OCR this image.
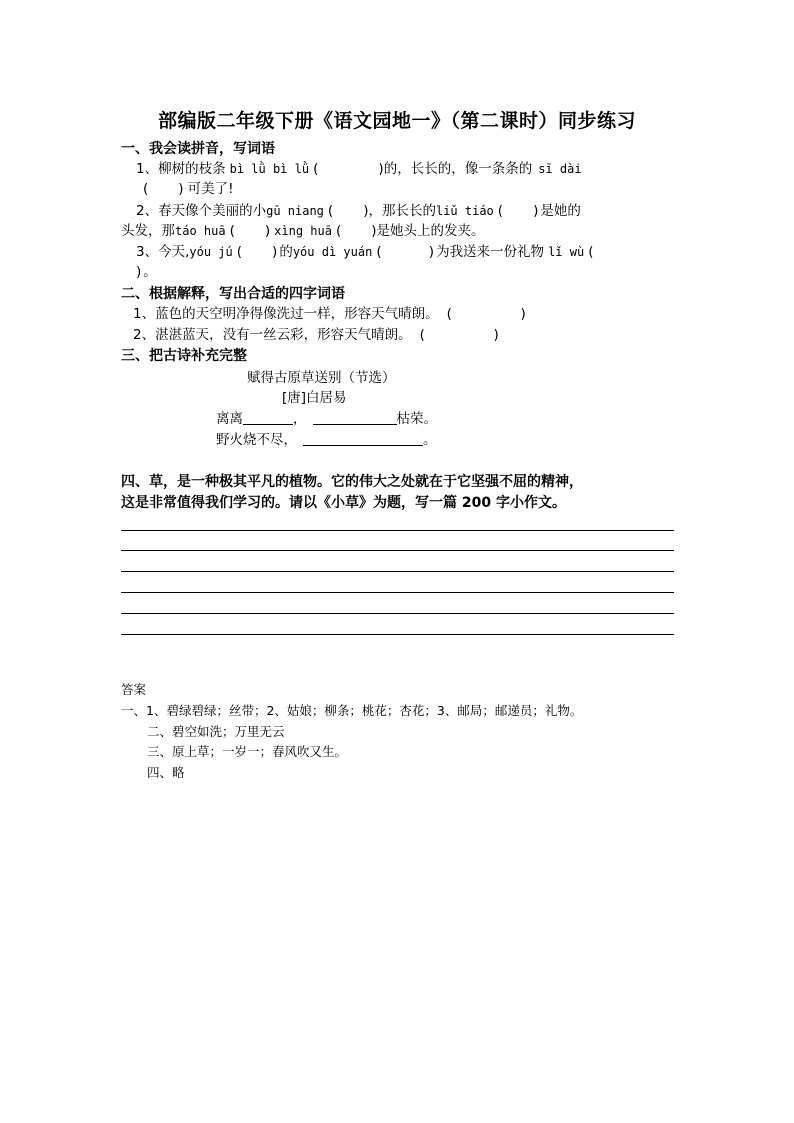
部编版二年级下册《语文园地一》（第二课时）同步练习
一、我会读拼音，写词语
1、柳树的枝条 bì lǜ bì lǜ (              )的，长长的，像一条条的 sī dài
(       ) 可美了!
2、春天像个美丽的小gū niang (       )，那长长的liǔ tiáo (       ) 是她的
头发，那táo huā (       ) xìng huā (       )是她头上的发夹。
3、今天,yóu jú (       ) 的yóu dì yuán (           ) 为我送来一份礼物 lǐ wù (
) 。
二、根据解释，写出合适的四字词语
1、蓝色的天空明净得像洗过一样，形容天气晴朗。 (                )
2、湛湛蓝天，没有一丝云彩，形容天气晴朗。 (                )
三、把古诗补充完整
赋得古原草送别（节选）
[唐]白居易
离离	，	枯荣。
野火烧不尽，	。
四、草，是一种极其平凡的植物。它的伟大之处就在于它坚强不屈的精神，
这是非常值得我们学习的。请以《小草》为题，写一篇 200 字小作文。
答案
一、1、碧绿碧绿；丝带；2、姑娘；柳条；桃花；杏花；3、邮局；邮递员；礼物。
二、碧空如洗；万里无云
三、原上草；一岁一；春风吹又生。
四、略
